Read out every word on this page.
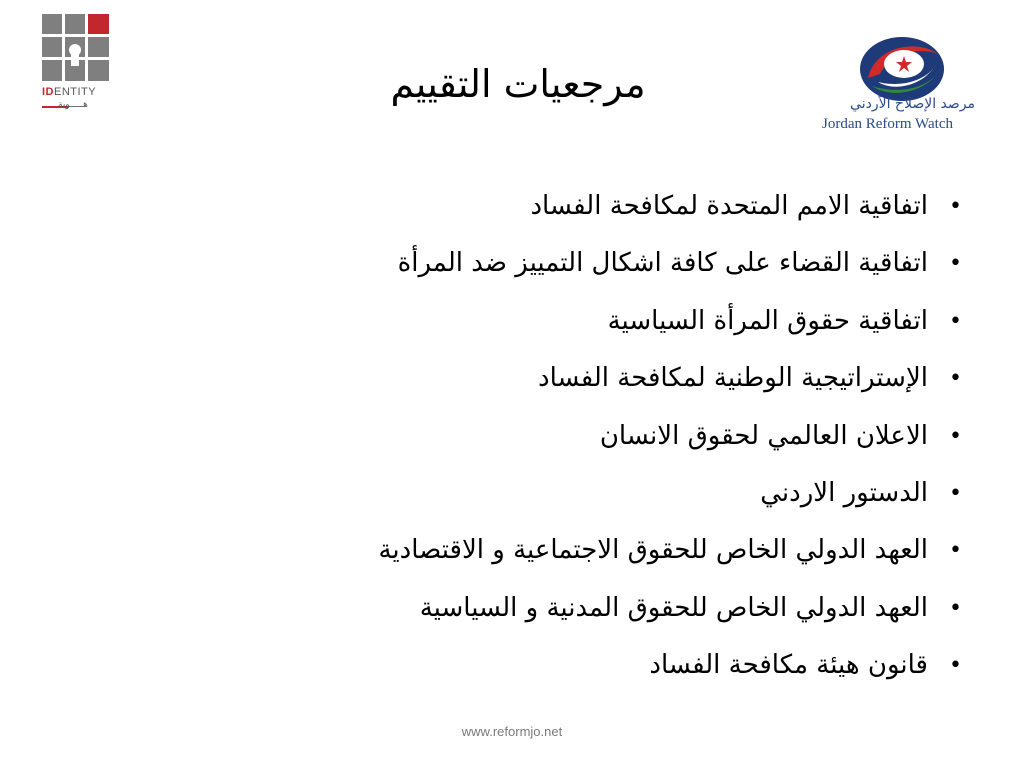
IDENTITY
هـــــوية	مرصد الإصلاح الأردني
Jordan Reform Watch
مرجعيات التقييم
•
اتفاقية الامم المتحدة لمكافحة الفساد
•
اتفاقية القضاء على كافة اشكال التمييز ضد المرأة
•
اتفاقية حقوق المرأة السياسية
•
الإستراتيجية الوطنية لمكافحة الفساد
•
الاعلان العالمي لحقوق الانسان
•
الدستور الاردني
•
العهد الدولي الخاص للحقوق الاجتماعية و الاقتصادية
•
العهد الدولي الخاص للحقوق المدنية و السياسية
•
قانون هيئة مكافحة الفساد
www.reformjo.net
